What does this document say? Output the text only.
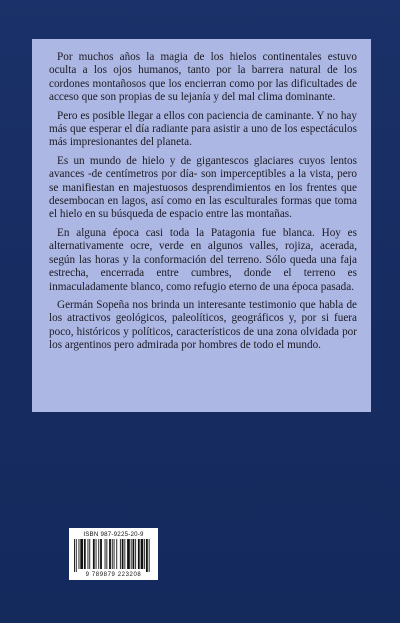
Por muchos años la magia de los hielos continentales estuvo oculta a los ojos humanos, tanto por la barrera natural de los cordones montañosos que los encierran como por las dificultades de acceso que son propias de su lejanía y del mal clima dominante.

Pero es posible llegar a ellos con paciencia de caminante. Y no hay más que esperar el día radiante para asistir a uno de los espectáculos más impresionantes del planeta.

Es un mundo de hielo y de gigantescos glaciares cuyos lentos avances -de centímetros por día- son imperceptibles a la vista, pero se manifiestan en majestuosos desprendimientos en los frentes que desembocan en lagos, así como en las esculturales formas que toma el hielo en su búsqueda de espacio entre las montañas.

En alguna época casi toda la Patagonia fue blanca. Hoy es alternativamente ocre, verde en algunos valles, rojiza, acerada, según las horas y la conformación del terreno. Sólo queda una faja estrecha, encerrada entre cumbres, donde el terreno es inmaculadamente blanco, como refugio eterno de una época pasada.

Germán Sopeña nos brinda un interesante testimonio que habla de los atractivos geológicos, paleolíticos, geográficos y, por si fuera poco, históricos y políticos, característicos de una zona olvidada por los argentinos pero admirada por hombres de todo el mundo.

ISBN 987-9225-20-9
9 789879 223208
